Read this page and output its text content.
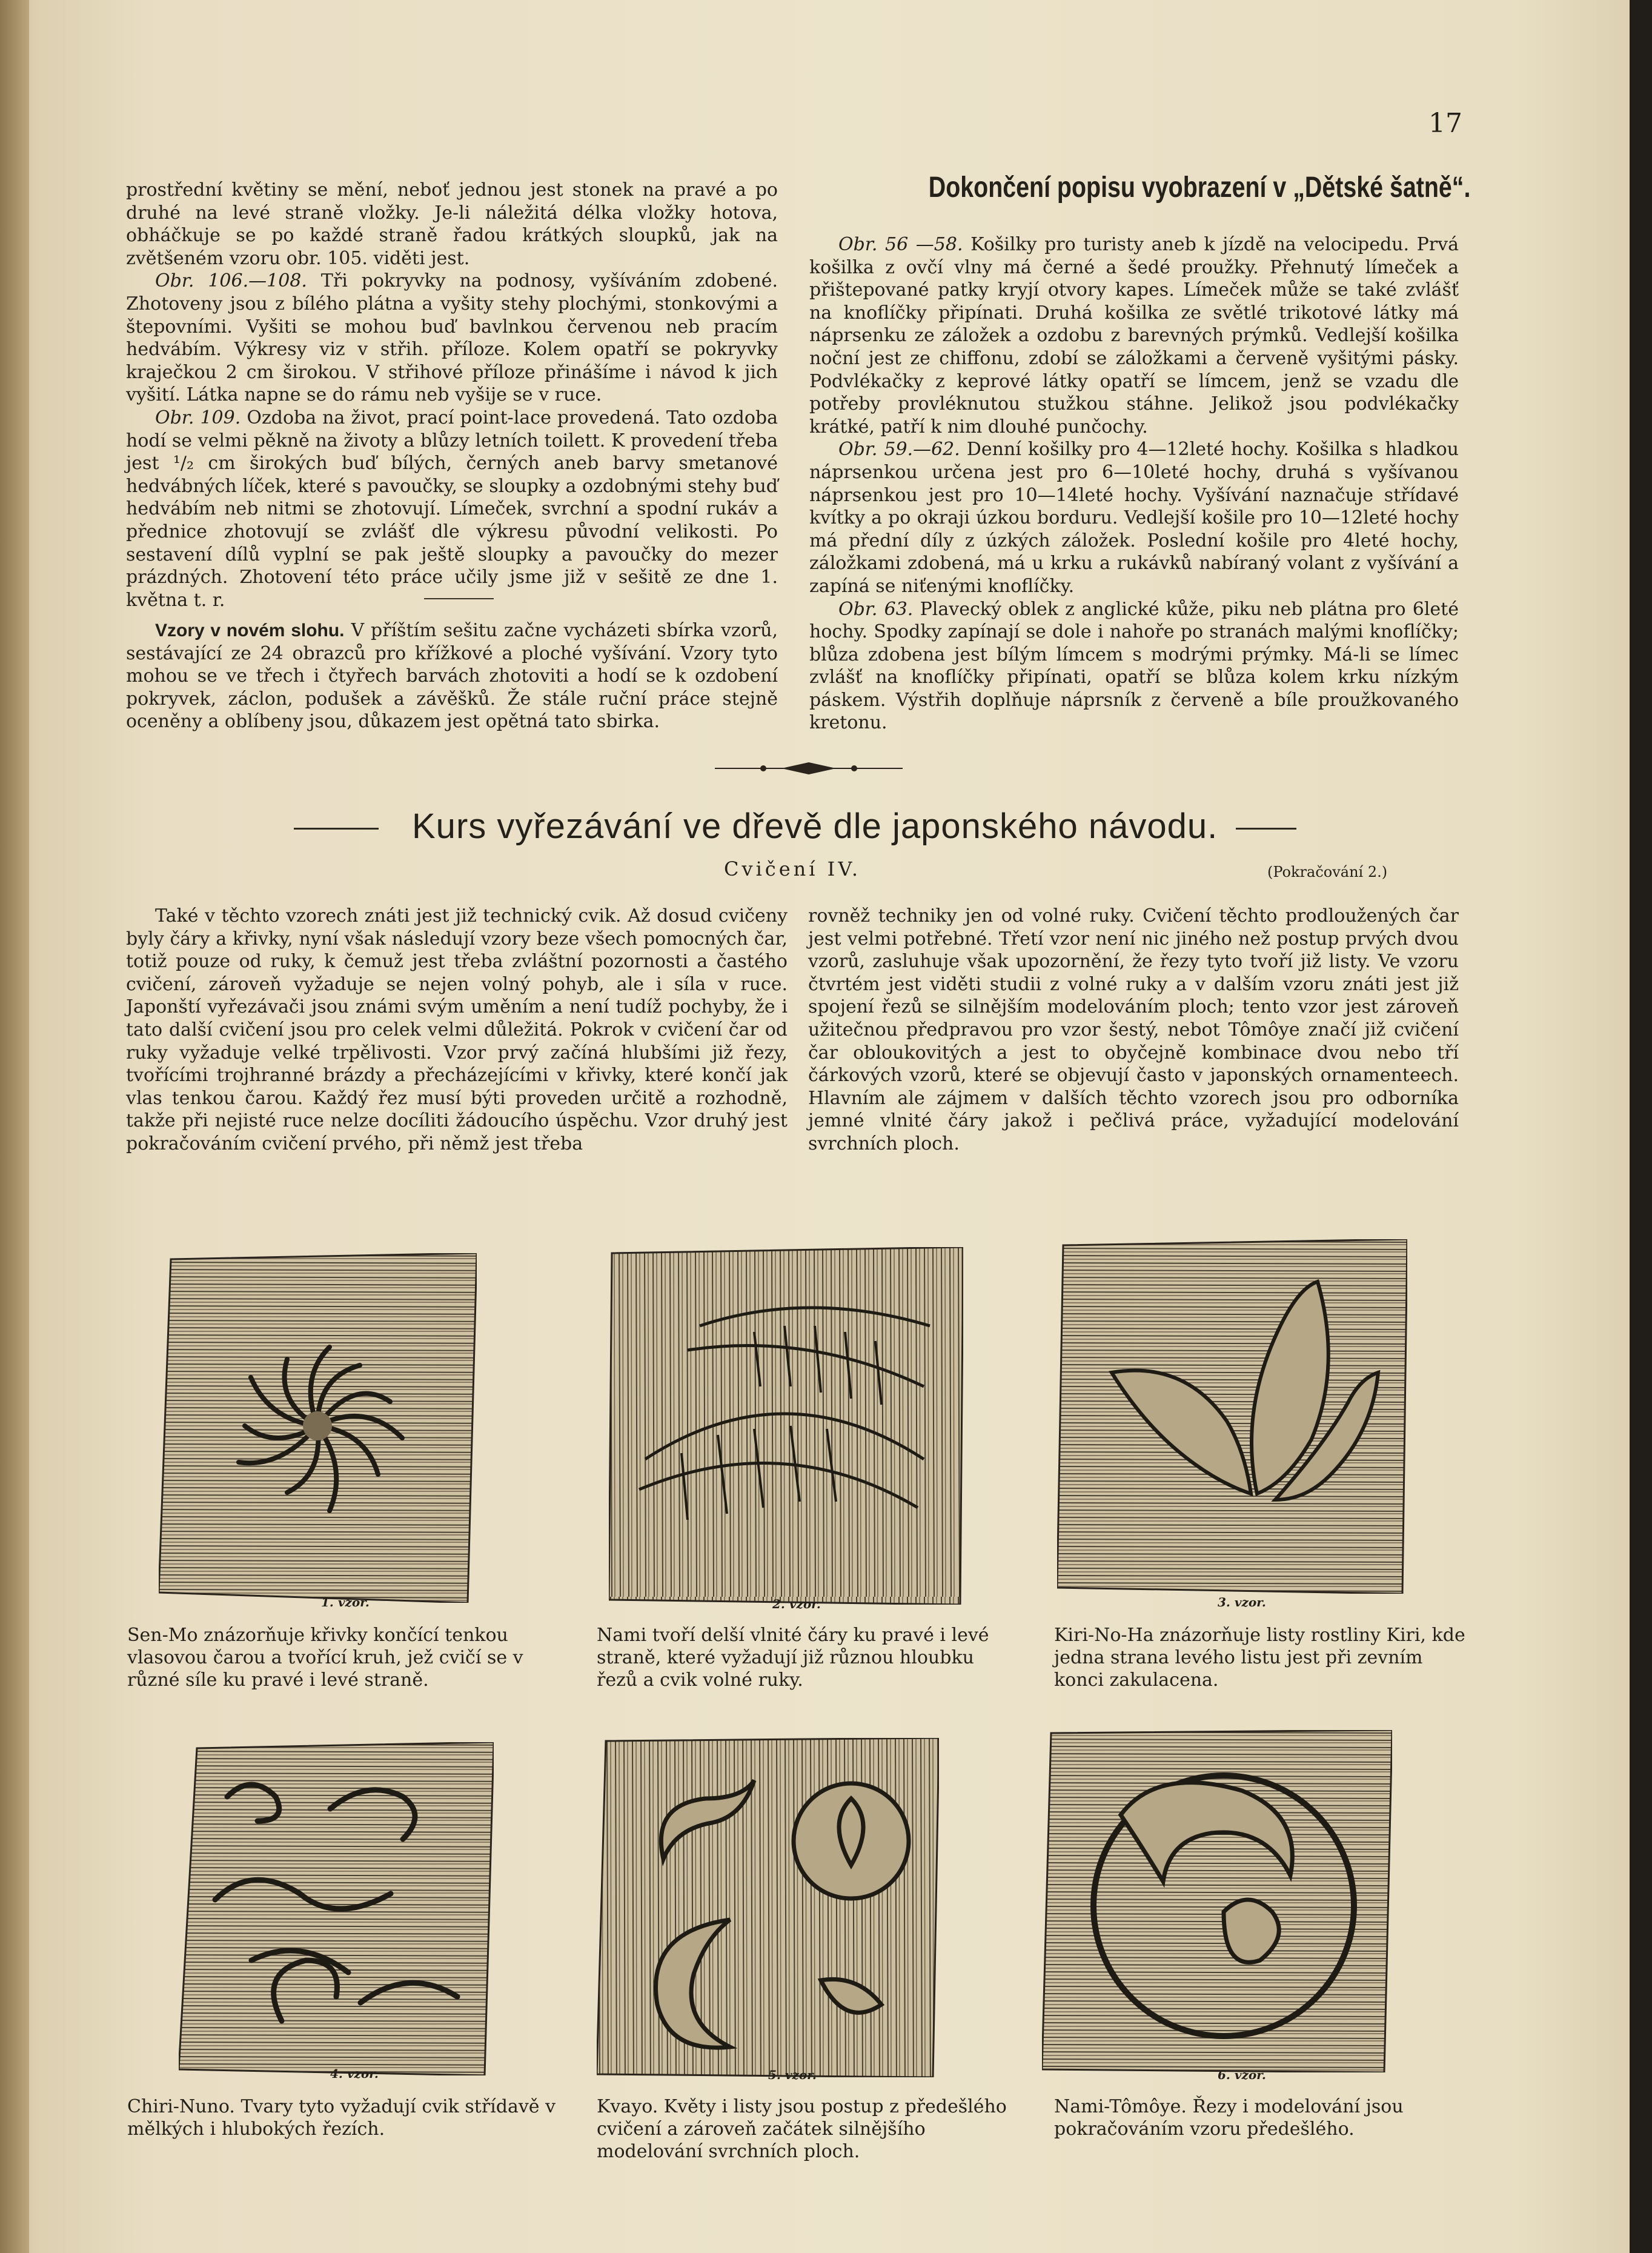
17

prostřední květiny se mění, neboť jednou jest stonek na pravé a po druhé na levé straně vložky. Je-li náležitá délka vložky hotova, obháčkuje se po každé straně řadou krátkých sloupků, jak na zvětšeném vzoru obr. 105. viděti jest.

Obr. 106.—108. Tři pokryvky na podnosy, vyšíváním zdobené. Zhotoveny jsou z bílého plátna a vyšity stehy plochými, stonkovými a štepovními. Vyšiti se mohou buď bavlnkou červenou neb pracím hedvábím. Výkresy viz v střih. příloze. Kolem opatří se pokryvky kraječkou 2 cm širokou. V střihové příloze přinášíme i návod k jich vyšití. Látka napne se do rámu neb vyšije se v ruce.

Obr. 109. Ozdoba na život, prací point-lace provedená. Tato ozdoba hodí se velmi pěkně na životy a blůzy letních toilett. K provedení třeba jest ¹/₂ cm širokých buď bílých, černých aneb barvy smetanové hedvábných líček, které s pavoučky, se sloupky a ozdobnými stehy buď hedvábím neb nitmi se zhotovují. Límeček, svrchní a spodní rukáv a přednice zhotovují se zvlášť dle výkresu původní velikosti. Po sestavení dílů vyplní se pak ještě sloupky a pavoučky do mezer prázdných. Zhotovení této práce učily jsme již v sešitě ze dne 1. května t. r.

Vzory v novém slohu. V příštím sešitu začne vycházeti sbírka vzorů, sestávající ze 24 obrazců pro křížkové a ploché vyšívání. Vzory tyto mohou se ve třech i čtyřech barvách zhotoviti a hodí se k ozdobení pokryvek, záclon, podušek a závěšků. Že stále ruční práce stejně oceněny a oblíbeny jsou, důkazem jest opětná tato sbirka.

Dokončení popisu vyobrazení v „Dětské šatně“.

Obr. 56 —58. Košilky pro turisty aneb k jízdě na velocipedu. Prvá košilka z ovčí vlny má černé a šedé proužky. Přehnutý límeček a přištepované patky kryjí otvory kapes. Límeček může se také zvlášť na knoflíčky připínati. Druhá košilka ze světlé trikotové látky má náprsenku ze záložek a ozdobu z barevných prýmků. Vedlejší košilka noční jest ze chiffonu, zdobí se záložkami a červeně vyšitými pásky. Podvlékačky z keprové látky opatří se límcem, jenž se vzadu dle potřeby provléknutou stužkou stáhne. Jelikož jsou podvlékačky krátké, patří k nim dlouhé punčochy.

Obr. 59.—62. Denní košilky pro 4—12leté hochy. Košilka s hladkou náprsenkou určena jest pro 6—10leté hochy, druhá s vyšívanou náprsenkou jest pro 10—14leté hochy. Vyšívání naznačuje střídavé kvítky a po okraji úzkou borduru. Vedlejší košile pro 10—12leté hochy má přední díly z úzkých záložek. Poslední košile pro 4leté hochy, záložkami zdobená, má u krku a rukávků nabíraný volant z vyšívání a zapíná se niťenými knoflíčky.

Obr. 63. Plavecký oblek z anglické kůže, piku neb plátna pro 6leté hochy. Spodky zapínají se dole i nahoře po stranách malými knoflíčky; blůza zdobena jest bílým límcem s modrými prýmky. Má-li se límec zvlášť na knoflíčky připínati, opatří se blůza kolem krku nízkým páskem. Výstřih doplňuje náprsník z červeně a bíle proužkovaného kretonu.

Kurs vyřezávání ve dřevě dle japonského návodu.
Cvičení IV.	(Pokračování 2.)

Také v těchto vzorech znáti jest již technický cvik. Až dosud cvičeny byly čáry a křivky, nyní však následují vzory beze všech pomocných čar, totiž pouze od ruky, k čemuž jest třeba zvláštní pozornosti a častého cvičení, zároveň vyžaduje se nejen volný pohyb, ale i síla v ruce. Japonští vyřezávači jsou známi svým uměním a není tudíž pochyby, že i tato další cvičení jsou pro celek velmi důležitá. Pokrok v cvičení čar od ruky vyžaduje velké trpělivosti. Vzor prvý začíná hlubšími již řezy, tvořícími trojhranné brázdy a přecházejícími v křivky, které končí jak vlas tenkou čarou. Každý řez musí býti proveden určitě a rozhodně, takže při nejisté ruce nelze docíliti žádoucího úspěchu. Vzor druhý jest pokračováním cvičení prvého, při němž jest třeba

rovněž techniky jen od volné ruky. Cvičení těchto prodloužených čar jest velmi potřebné. Třetí vzor není nic jiného než postup prvých dvou vzorů, zasluhuje však upozornění, že řezy tyto tvoří již listy. Ve vzoru čtvrtém jest viděti studii z volné ruky a v dalším vzoru znáti jest již spojení řezů se silnějším modelováním ploch; tento vzor jest zároveň užitečnou předpravou pro vzor šestý, nebot Tômôye značí již cvičení čar obloukovitých a jest to obyčejně kombinace dvou nebo tří čárkových vzorů, které se objevují často v japonských ornamenteech. Hlavním ale zájmem v dalších těchto vzorech jsou pro odborníka jemné vlnité čáry jakož i pečlivá práce, vyžadující modelování svrchních ploch.

1. vzor.	2. vzor.	3. vzor.
Sen-Mo znázorňuje křivky končící tenkou vlasovou čarou a tvořící kruh, jež cvičí se v různé síle ku pravé i levé straně.
Nami tvoří delší vlnité čáry ku pravé i levé straně, které vyžadují již různou hloubku řezů a cvik volné ruky.
Kiri-No-Ha znázorňuje listy rostliny Kiri, kde jedna strana levého listu jest při zevním konci zakulacena.
4. vzor.	5. vzor.	6. vzor.
Chiri-Nuno. Tvary tyto vyžadují cvik střídavě v mělkých i hlubokých řezích.
Kvayo. Květy i listy jsou postup z předešlého cvičení a zároveň začátek silnějšího modelování svrchních ploch.
Nami-Tômôye. Řezy i modelování jsou pokračováním vzoru předešlého.
